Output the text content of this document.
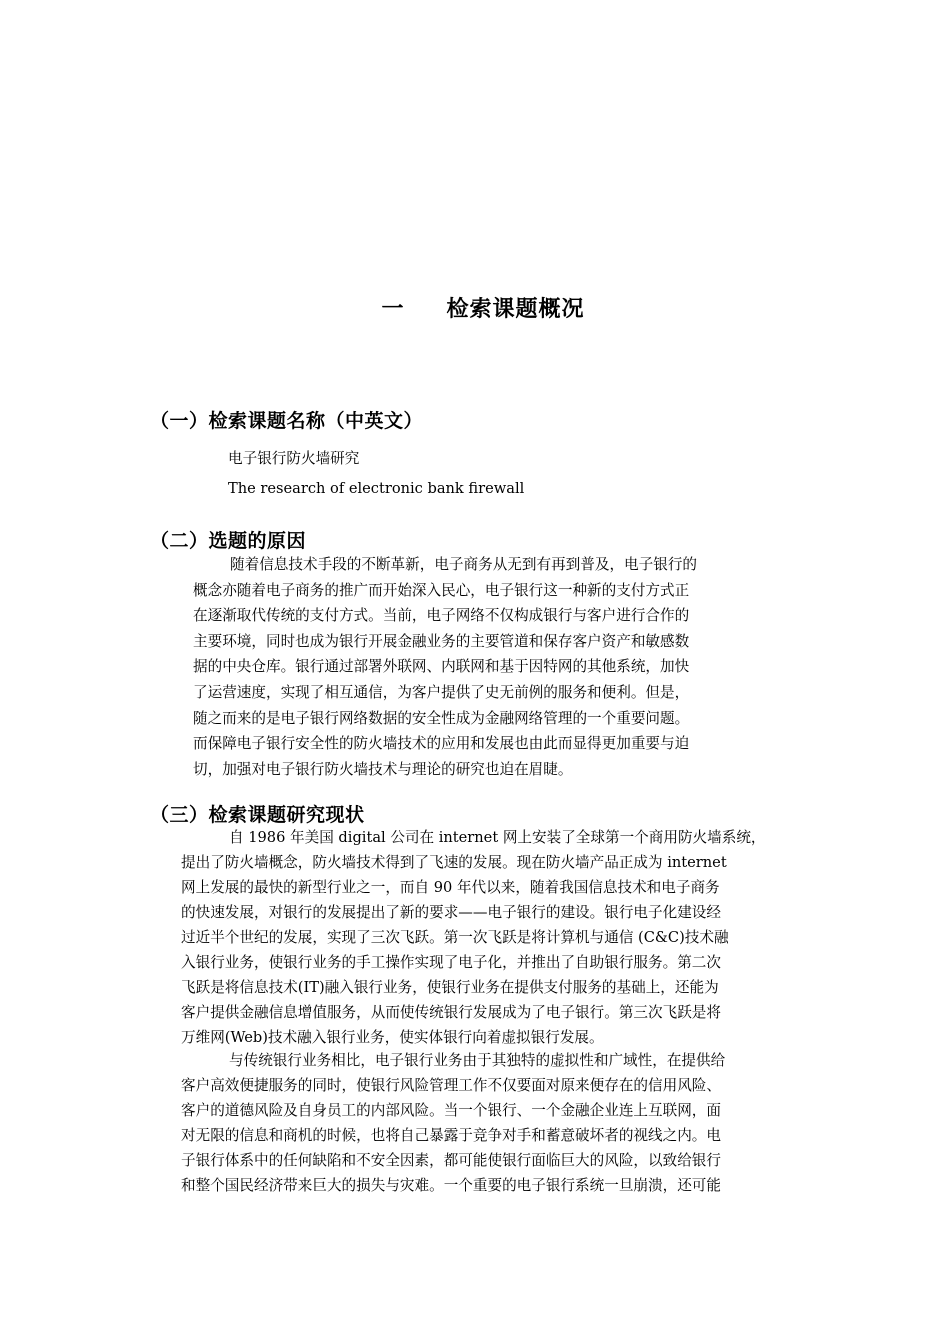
一 检索课题概况
（一）检索课题名称（中英文）
电子银行防火墙研究
The research of electronic bank firewall
（二）选题的原因
随着信息技术手段的不断革新，电子商务从无到有再到普及，电子银行的
概念亦随着电子商务的推广而开始深入民心，电子银行这一种新的支付方式正
在逐渐取代传统的支付方式。当前，电子网络不仅构成银行与客户进行合作的
主要环境，同时也成为银行开展金融业务的主要管道和保存客户资产和敏感数
据的中央仓库。银行通过部署外联网、内联网和基于因特网的其他系统，加快
了运营速度，实现了相互通信，为客户提供了史无前例的服务和便利。但是，
随之而来的是电子银行网络数据的安全性成为金融网络管理的一个重要问题。
而保障电子银行安全性的防火墙技术的应用和发展也由此而显得更加重要与迫
切，加强对电子银行防火墙技术与理论的研究也迫在眉睫。
（三）检索课题研究现状
自 1986 年美国 digital 公司在 internet 网上安装了全球第一个商用防火墙系统，
提出了防火墙概念，防火墙技术得到了飞速的发展。现在防火墙产品正成为 internet
网上发展的最快的新型行业之一，而自 90 年代以来，随着我国信息技术和电子商务
的快速发展，对银行的发展提出了新的要求——电子银行的建设。银行电子化建设经
过近半个世纪的发展，实现了三次飞跃。第一次飞跃是将计算机与通信 (C&C)技术融
入银行业务，使银行业务的手工操作实现了电子化，并推出了自助银行服务。第二次
飞跃是将信息技术(IT)融入银行业务，使银行业务在提供支付服务的基础上，还能为
客户提供金融信息增值服务，从而使传统银行发展成为了电子银行。第三次飞跃是将
万维网(Web)技术融入银行业务，使实体银行向着虚拟银行发展。
与传统银行业务相比，电子银行业务由于其独特的虚拟性和广域性，在提供给
客户高效便捷服务的同时，使银行风险管理工作不仅要面对原来便存在的信用风险、
客户的道德风险及自身员工的内部风险。当一个银行、一个金融企业连上互联网，面
对无限的信息和商机的时候，也将自己暴露于竞争对手和蓄意破坏者的视线之内。电
子银行体系中的任何缺陷和不安全因素，都可能使银行面临巨大的风险，以致给银行
和整个国民经济带来巨大的损失与灾难。一个重要的电子银行系统一旦崩溃，还可能
